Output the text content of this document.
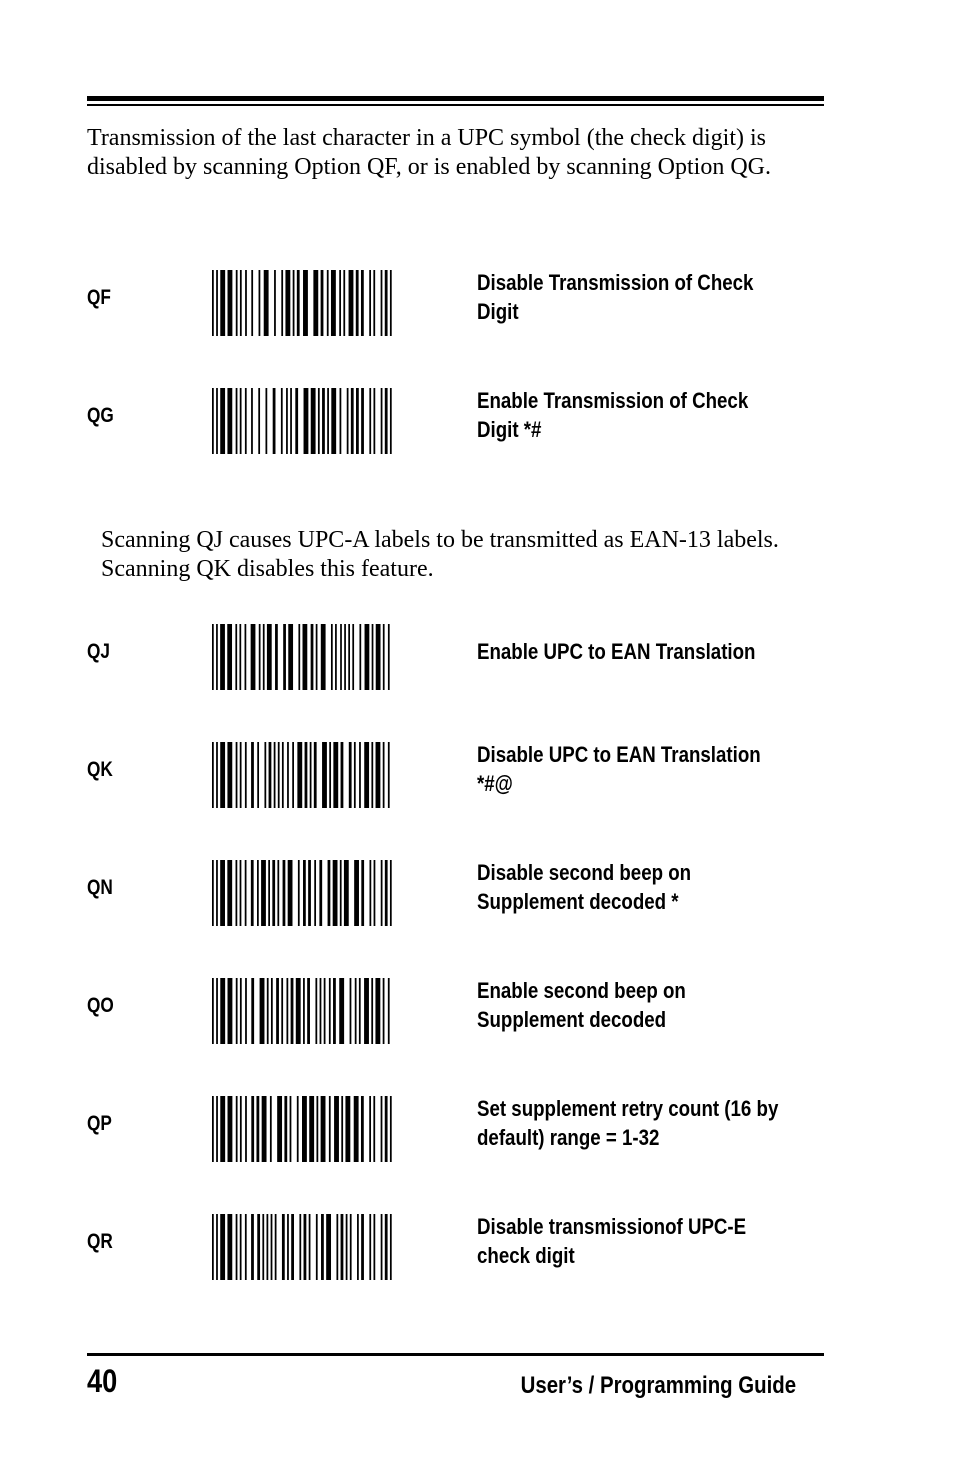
Transmission of the last character in a UPC symbol (the check digit) is disabled by scanning Option QF, or is enabled by scanning Option QG.

QF
Disable Transmission of Check
Digit
QG
Enable Transmission of Check
Digit *#

Scanning QJ causes UPC-A labels to be transmitted as EAN-13 labels. Scanning QK disables this feature.

QJ	Enable UPC to EAN Translation
QK
Disable UPC to EAN Translation
*#@
QN
Disable second beep on
Supplement decoded *
QO
Enable second beep on
Supplement decoded
QP
Set supplement retry count (16 by
default) range = 1-32
QR
Disable transmissionof UPC-E
check digit
40	User’s / Programming Guide
